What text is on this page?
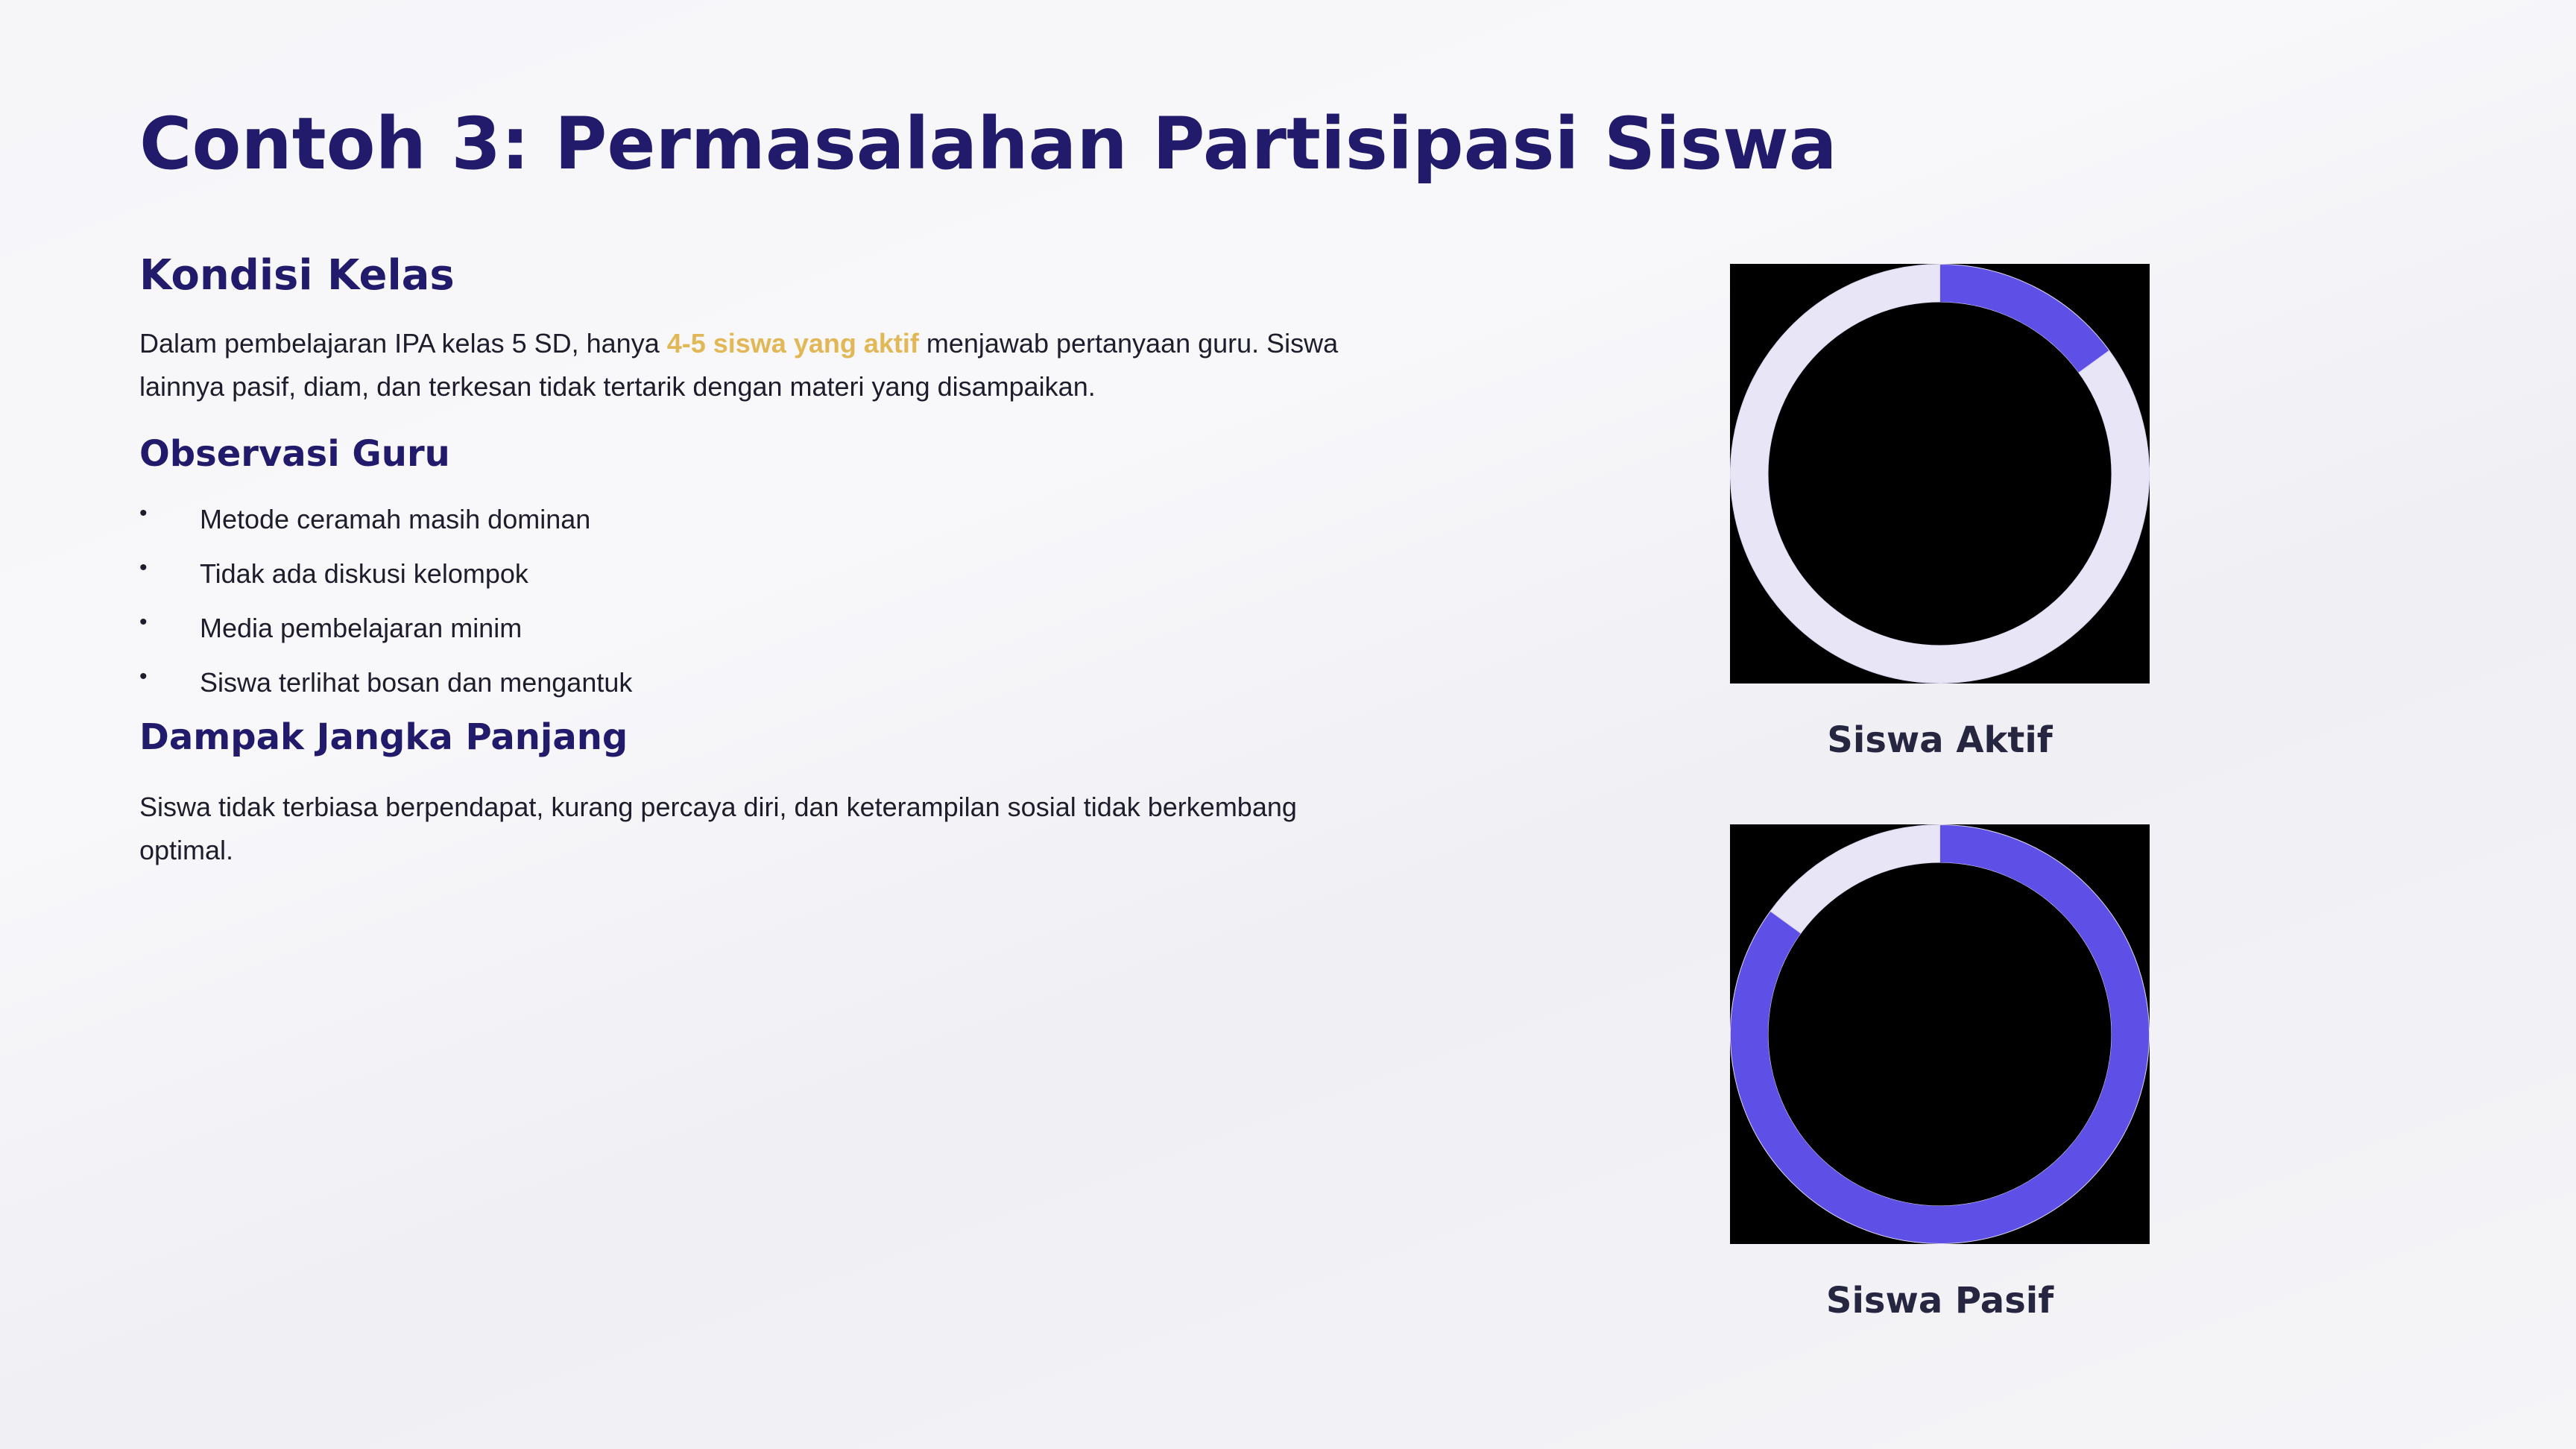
Contoh 3: Permasalahan Partisipasi Siswa
Kondisi Kelas

Dalam pembelajaran IPA kelas 5 SD, hanya 4-5 siswa yang aktif menjawab pertanyaan guru. Siswa lainnya pasif, diam, dan terkesan tidak tertarik dengan materi yang disampaikan.

Observasi Guru
• Metode ceramah masih dominan
• Tidak ada diskusi kelompok
• Media pembelajaran minim
• Siswa terlihat bosan dan mengantuk
Dampak Jangka Panjang

Siswa tidak terbiasa berpendapat, kurang percaya diri, dan keterampilan sosial tidak berkembang optimal.

Siswa Aktif
Siswa Pasif
